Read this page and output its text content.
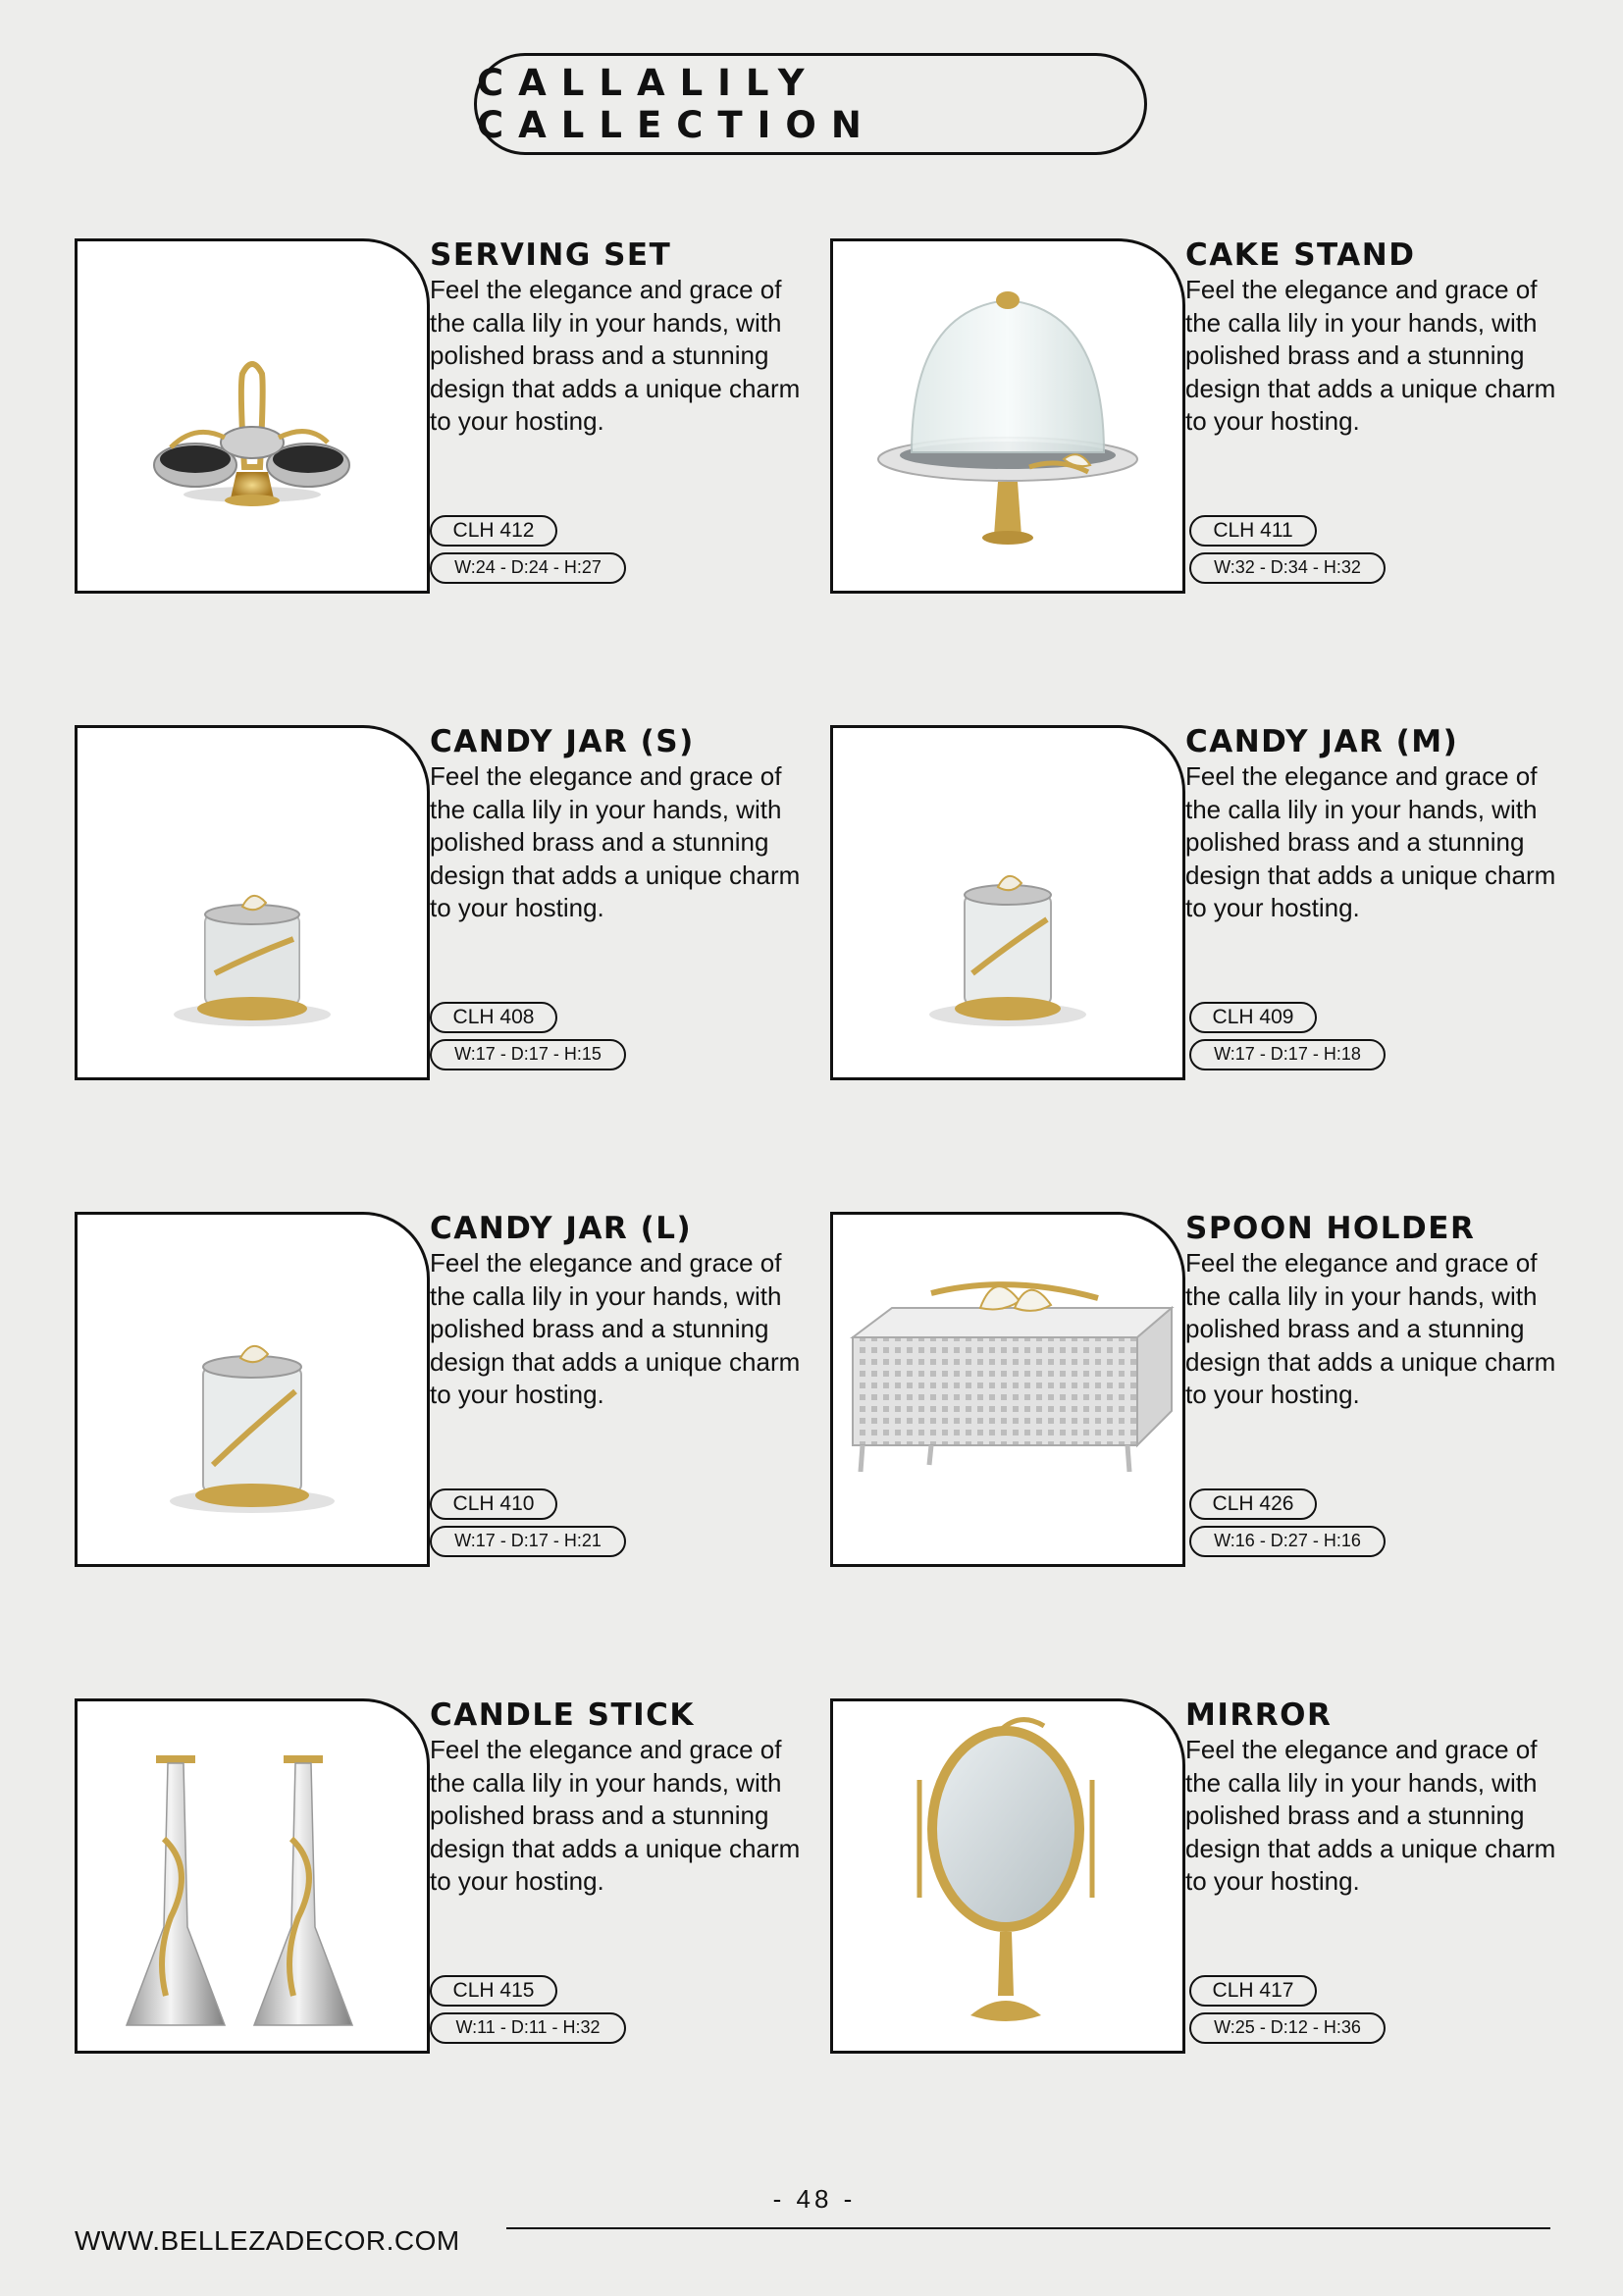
CALLALILY CALLECTION
SERVING SET
Feel the elegance and grace of the calla lily in your hands, with polished brass and a stunning design that adds a unique charm to your hosting.
CLH 412
W:24 - D:24 - H:27
CAKE STAND
Feel the elegance and grace of the calla lily in your hands, with polished brass and a stunning design that adds a unique charm to your hosting.
CLH 411
W:32 - D:34 - H:32
CANDY JAR (S)
Feel the elegance and grace of the calla lily in your hands, with polished brass and a stunning design that adds a unique charm to your hosting.
CLH 408
W:17 - D:17 - H:15
CANDY JAR (M)
Feel the elegance and grace of the calla lily in your hands, with polished brass and a stunning design that adds a unique charm to your hosting.
CLH 409
W:17 - D:17 - H:18
CANDY JAR (L)
Feel the elegance and grace of the calla lily in your hands, with polished brass and a stunning design that adds a unique charm to your hosting.
CLH 410
W:17 - D:17 - H:21
SPOON HOLDER
Feel the elegance and grace of the calla lily in your hands, with polished brass and a stunning design that adds a unique charm to your hosting.
CLH 426
W:16 - D:27 - H:16
CANDLE STICK
Feel the elegance and grace of the calla lily in your hands, with polished brass and a stunning design that adds a unique charm to your hosting.
CLH 415
W:11 - D:11 - H:32
MIRROR
Feel the elegance and grace of the calla lily in your hands, with polished brass and a stunning design that adds a unique charm to your hosting.
CLH 417
W:25 - D:12 - H:36
- 48 -
WWW.BELLEZADECOR.COM
